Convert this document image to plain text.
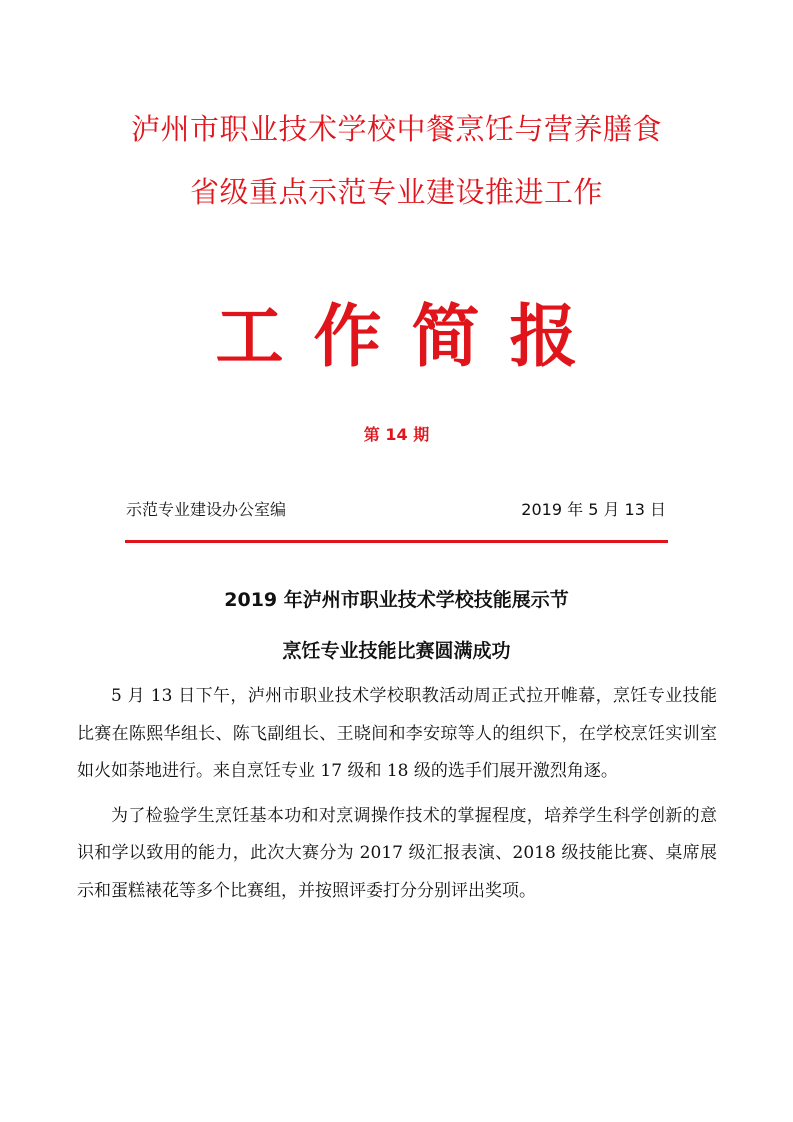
泸州市职业技术学校中餐烹饪与营养膳食
省级重点示范专业建设推进工作
工作简报
第 14 期
示范专业建设办公室编	2019 年 5 月 13 日
2019 年泸州市职业技术学校技能展示节
烹饪专业技能比赛圆满成功

5 月 13 日下午，泸州市职业技术学校职教活动周正式拉开帷幕，烹饪专业技能比赛在陈熙华组长、陈飞副组长、王晓间和李安琼等人的组织下，在学校烹饪实训室如火如荼地进行。来自烹饪专业 17 级和 18 级的选手们展开激烈角逐。

为了检验学生烹饪基本功和对烹调操作技术的掌握程度，培养学生科学创新的意识和学以致用的能力，此次大赛分为 2017 级汇报表演、2018 级技能比赛、桌席展示和蛋糕裱花等多个比赛组，并按照评委打分分别评出奖项。
